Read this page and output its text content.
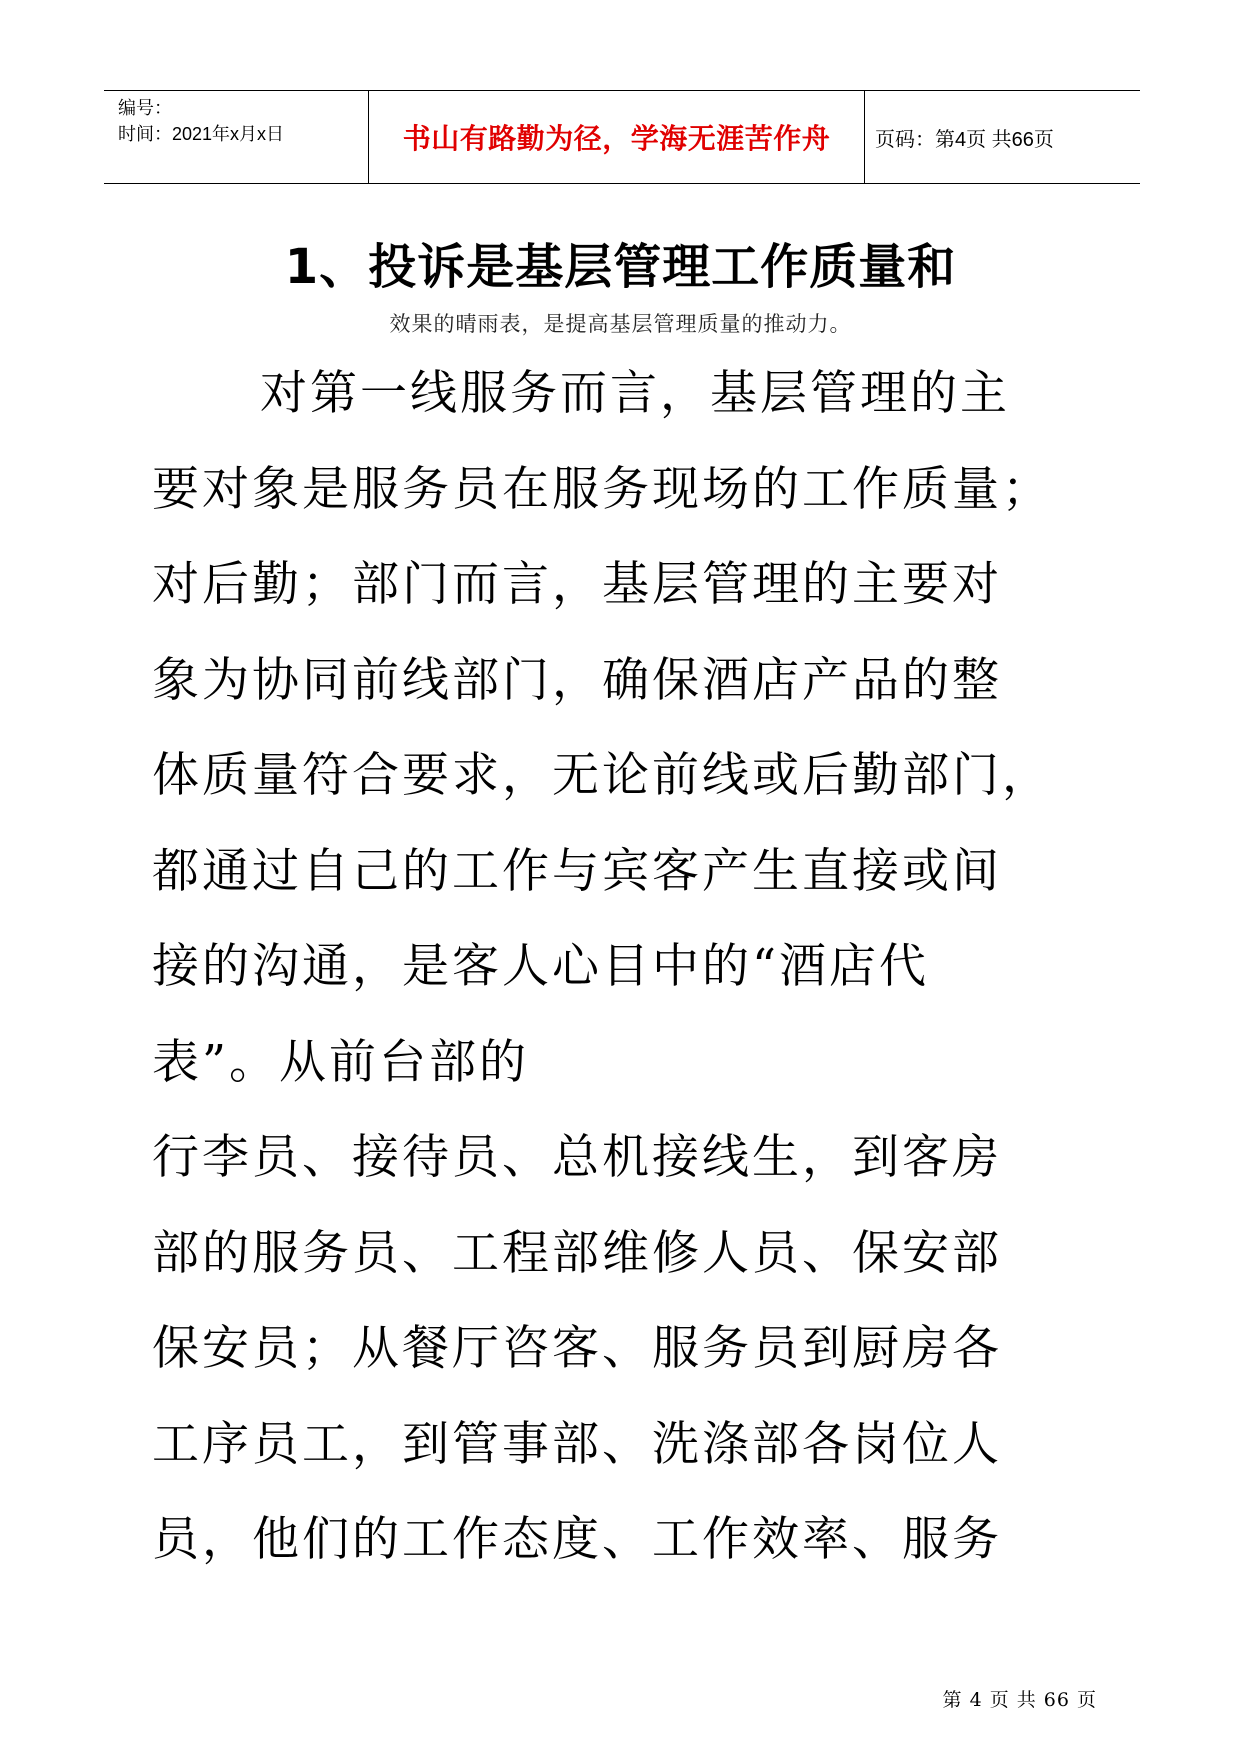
编号：
时间：2021年x月x日	书山有路勤为径，学海无涯苦作舟 页码：第4页 共66页
1、投诉是基层管理工作质量和
效果的晴雨表，是提高基层管理质量的推动力。
对第一线服务而言，基层管理的主
要对象是服务员在服务现场的工作质量；
对后勤；部门而言，基层管理的主要对
象为协同前线部门，确保酒店产品的整
体质量符合要求，无论前线或后勤部门，
都通过自己的工作与宾客产生直接或间
接的沟通，是客人心目中的“酒店代
表”。从前台部的
行李员、接待员、总机接线生，到客房
部的服务员、工程部维修人员、保安部
保安员；从餐厅咨客、服务员到厨房各
工序员工，到管事部、洗涤部各岗位人
员，他们的工作态度、工作效率、服务
第 4 页 共 66 页
